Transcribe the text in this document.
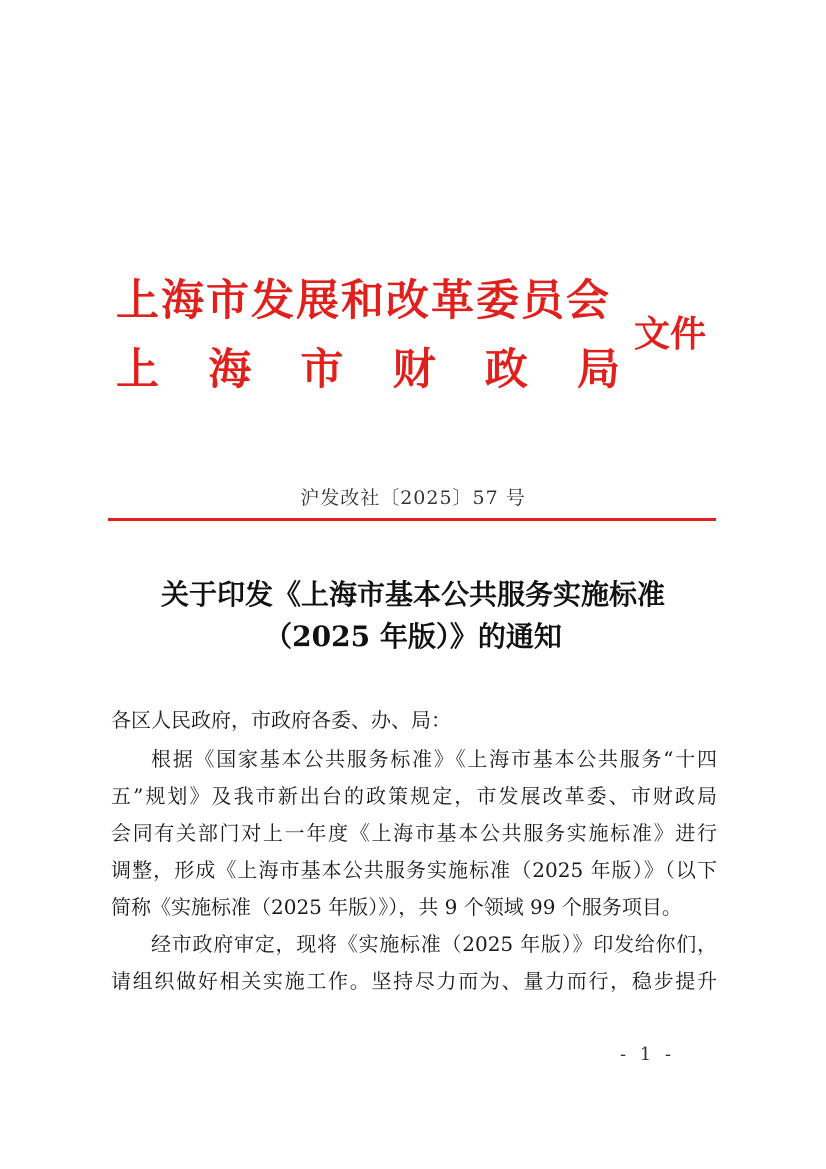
上海市发展和改革委员会
上 海 市 财 政 局
文件
沪发改社〔2025〕57 号
关于印发《上海市基本公共服务实施标准
（2025 年版）》的通知
各区人民政府，市政府各委、办、局：
根据《国家基本公共服务标准》《上海市基本公共服务“十四
五”规划》及我市新出台的政策规定，市发展改革委、市财政局
会同有关部门对上一年度《上海市基本公共服务实施标准》进行
调整，形成《上海市基本公共服务实施标准（2025 年版）》（以下
简称《实施标准（2025 年版）》），共 9 个领域 99 个服务项目。
经市政府审定，现将《实施标准（2025 年版）》印发给你们，
请组织做好相关实施工作。坚持尽力而为、量力而行，稳步提升
- 1 -
